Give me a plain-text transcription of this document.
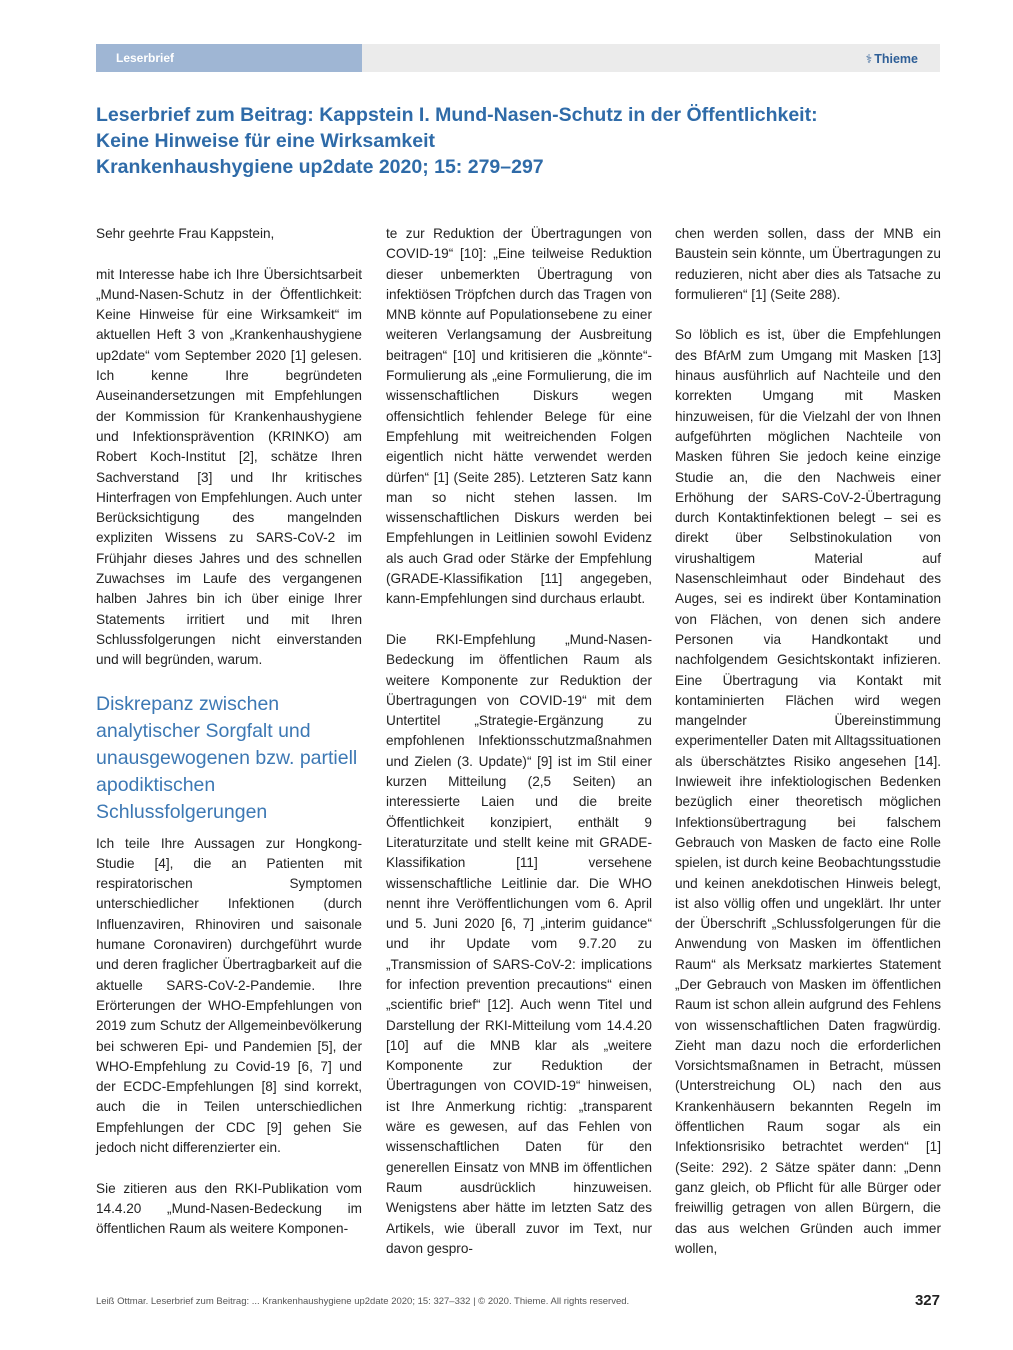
Leserbrief	⚕ Thieme
Leserbrief zum Beitrag: Kappstein I. Mund-Nasen-Schutz in der Öffentlichkeit:
Keine Hinweise für eine Wirksamkeit
Krankenhaushygiene up2date 2020; 15: 279–297

Sehr geehrte Frau Kappstein,

mit Interesse habe ich Ihre Übersichtsarbeit „Mund-Nasen-Schutz in der Öffentlichkeit: Keine Hinweise für eine Wirksamkeit“ im aktuellen Heft 3 von „Krankenhaushygiene up2date“ vom September 2020 [1] gelesen. Ich kenne Ihre begründeten Auseinandersetzungen mit Empfehlungen der Kommission für Krankenhaushygiene und Infektionsprävention (KRINKO) am Robert Koch-Institut [2], schätze Ihren Sachverstand [3] und Ihr kritisches Hinterfragen von Empfehlungen. Auch unter Berücksichtigung des mangelnden expliziten Wissens zu SARS-CoV-2 im Frühjahr dieses Jahres und des schnellen Zuwachses im Laufe des vergangenen halben Jahres bin ich über einige Ihrer Statements irritiert und mit Ihren Schlussfolgerungen nicht einverstanden und will begründen, warum.

Diskrepanz zwischen analytischer Sorgfalt und unausgewogenen bzw. partiell apodiktischen Schlussfolgerungen

Ich teile Ihre Aussagen zur Hongkong-Studie [4], die an Patienten mit respiratorischen Symptomen unterschiedlicher Infektionen (durch Influenzaviren, Rhinoviren und saisonale humane Coronaviren) durchgeführt wurde und deren fraglicher Übertragbarkeit auf die aktuelle SARS-CoV-2-Pandemie. Ihre Erörterungen der WHO-Empfehlungen von 2019 zum Schutz der Allgemeinbevölkerung bei schweren Epi- und Pandemien [5], der WHO-Empfehlung zu Covid-19 [6, 7] und der ECDC-Empfehlungen [8] sind korrekt, auch die in Teilen unterschiedlichen Empfehlungen der CDC [9] gehen Sie jedoch nicht differenzierter ein.

Sie zitieren aus den RKI-Publikation vom 14.4.20 „Mund-Nasen-Bedeckung im öffentlichen Raum als weitere Komponen-

te zur Reduktion der Übertragungen von COVID-19“ [10]: „Eine teilweise Reduktion dieser unbemerkten Übertragung von infektiösen Tröpfchen durch das Tragen von MNB könnte auf Populationsebene zu einer weiteren Verlangsamung der Ausbreitung beitragen“ [10] und kritisieren die „könnte“-Formulierung als „eine Formulierung, die im wissenschaftlichen Diskurs wegen offensichtlich fehlender Belege für eine Empfehlung mit weitreichenden Folgen eigentlich nicht hätte verwendet werden dürfen“ [1] (Seite 285). Letzteren Satz kann man so nicht stehen lassen. Im wissenschaftlichen Diskurs werden bei Empfehlungen in Leitlinien sowohl Evidenz als auch Grad oder Stärke der Empfehlung (GRADE-Klassifikation [11] angegeben, kann-Empfehlungen sind durchaus erlaubt.

Die RKI-Empfehlung „Mund-Nasen-Bedeckung im öffentlichen Raum als weitere Komponente zur Reduktion der Übertragungen von COVID-19“ mit dem Untertitel „Strategie-Ergänzung zu empfohlenen Infektionsschutzmaßnahmen und Zielen (3. Update)“ [9] ist im Stil einer kurzen Mitteilung (2,5 Seiten) an interessierte Laien und die breite Öffentlichkeit konzipiert, enthält 9 Literaturzitate und stellt keine mit GRADE-Klassifikation [11] versehene wissenschaftliche Leitlinie dar. Die WHO nennt ihre Veröffentlichungen vom 6. April und 5. Juni 2020 [6, 7] „interim guidance“ und ihr Update vom 9.7.20 zu „Transmission of SARS-CoV-2: implications for infection prevention precautions“ einen „scientific brief“ [12]. Auch wenn Titel und Darstellung der RKI-Mitteilung vom 14.4.20 [10] auf die MNB klar als „weitere Komponente zur Reduktion der Übertragungen von COVID-19“ hinweisen, ist Ihre Anmerkung richtig: „transparent wäre es gewesen, auf das Fehlen von wissenschaftlichen Daten für den generellen Einsatz von MNB im öffentlichen Raum ausdrücklich hinzuweisen. Wenigstens aber hätte im letzten Satz des Artikels, wie überall zuvor im Text, nur davon gespro-

chen werden sollen, dass der MNB ein Baustein sein könnte, um Übertragungen zu reduzieren, nicht aber dies als Tatsache zu formulieren“ [1] (Seite 288).

So löblich es ist, über die Empfehlungen des BfArM zum Umgang mit Masken [13] hinaus ausführlich auf Nachteile und den korrekten Umgang mit Masken hinzuweisen, für die Vielzahl der von Ihnen aufgeführten möglichen Nachteile von Masken führen Sie jedoch keine einzige Studie an, die den Nachweis einer Erhöhung der SARS-CoV-2-Übertragung durch Kontaktinfektionen belegt – sei es direkt über Selbstinokulation von virushaltigem Material auf Nasenschleimhaut oder Bindehaut des Auges, sei es indirekt über Kontamination von Flächen, von denen sich andere Personen via Handkontakt und nachfolgendem Gesichtskontakt infizieren. Eine Übertragung via Kontakt mit kontaminierten Flächen wird wegen mangelnder Übereinstimmung experimenteller Daten mit Alltagssituationen als überschätztes Risiko angesehen [14]. Inwieweit ihre infektiologischen Bedenken bezüglich einer theoretisch möglichen Infektionsübertragung bei falschem Gebrauch von Masken de facto eine Rolle spielen, ist durch keine Beobachtungsstudie und keinen anekdotischen Hinweis belegt, ist also völlig offen und ungeklärt. Ihr unter der Überschrift „Schlussfolgerungen für die Anwendung von Masken im öffentlichen Raum“ als Merksatz markiertes Statement „Der Gebrauch von Masken im öffentlichen Raum ist schon allein aufgrund des Fehlens von wissenschaftlichen Daten fragwürdig. Zieht man dazu noch die erforderlichen Vorsichtsmaßnamen in Betracht, müssen (Unterstreichung OL) nach den aus Krankenhäusern bekannten Regeln im öffentlichen Raum sogar als ein Infektionsrisiko betrachtet werden“ [1] (Seite: 292). 2 Sätze später dann: „Denn ganz gleich, ob Pflicht für alle Bürger oder freiwillig getragen von allen Bürgern, die das aus welchen Gründen auch immer wollen,

Leiß Ottmar. Leserbrief zum Beitrag: ... Krankenhaushygiene up2date 2020; 15: 327–332 | © 2020. Thieme. All rights reserved.	327
